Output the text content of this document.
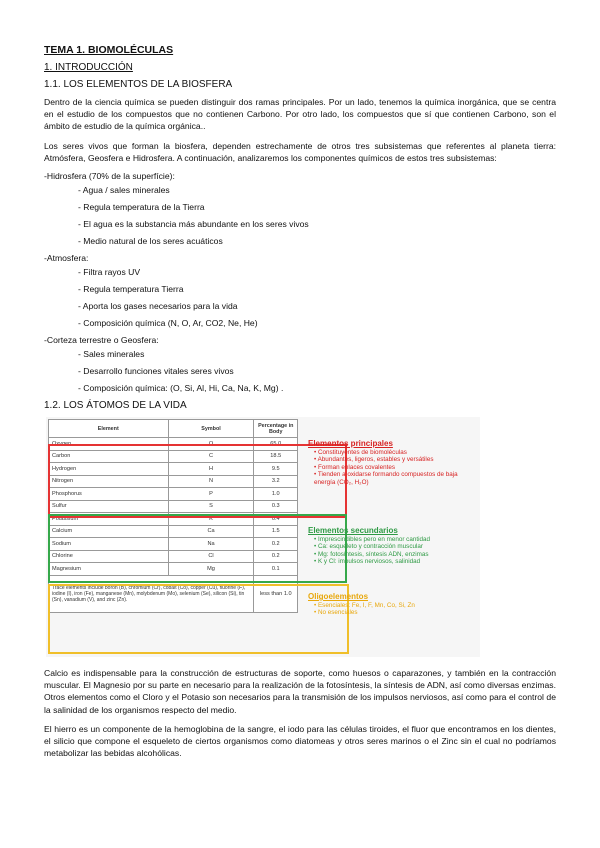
TEMA 1. BIOMOLÉCULAS
1. INTRODUCCIÓN
1.1. LOS ELEMENTOS DE LA BIOSFERA

Dentro de la ciencia química se pueden distinguir dos ramas principales. Por un lado, tenemos la química inorgánica, que se centra en el estudio de los compuestos que no contienen Carbono. Por otro lado, los compuestos que sí que contienen Carbono, son el ámbito de estudio de la química orgánica..

Los seres vivos que forman la biosfera, dependen estrechamente de otros tres subsistemas que referentes al planeta tierra: Atmósfera, Geosfera e Hidrosfera. A continuación, analizaremos los componentes químicos de estos tres subsistemas:

-Hidrosfera (70% de la superfície):
- Agua / sales minerales
- Regula temperatura de la Tierra
- El agua es la substancia más abundante en los seres vivos
- Medio natural de los seres acuáticos
-Atmosfera:
- Filtra rayos UV
- Regula temperatura Tierra
- Aporta los gases necesarios para la vida
- Composición química (N, O, Ar, CO2, Ne, He)
-Corteza terrestre o Geosfera:
- Sales minerales
- Desarrollo funciones vitales seres vivos
- Composición química: (O, Si, Al, Hi, Ca, Na, K, Mg) .
1.2. LOS ÁTOMOS DE LA VIDA
Element	Symbol	Percentage in Body
Oxygen	O	65.0
Carbon	C	18.5
Hydrogen	H	9.5
Nitrogen	N	3.2
Phosphorus	P	1.0
Sulfur	S	0.3
Potassium	K	0.4
Calcium	Ca	1.5
Sodium	Na	0.2
Chlorine	Cl	0.2
Magnesium	Mg	0.1
Trace elements include boron (B), chromium (Cr), cobalt (Co), copper (Cu), fluorine (F), iodine (I), iron (Fe), manganese (Mn), molybdenum (Mo), selenium (Se), silicon (Si), tin (Sn), vanadium (V), and zinc (Zn).		less than 1.0
Elementos principales
• Constituyentes de biomoléculas
• Abundantes, ligeros, estables y versátiles
• Forman enlaces covalentes
• Tienden a oxidarse formando compuestos de baja energía (CO₂, H₂O)
Elementos secundarios
• Imprescindibles pero en menor cantidad
• Ca: esqueleto y contracción muscular
• Mg: fotosíntesis, síntesis ADN, enzimas
• K y Cl: impulsos nerviosos, salinidad
Oligoelementos
• Esenciales: Fe, I, F, Mn, Co, Si, Zn
• No esenciales

Calcio es indispensable para la construcción de estructuras de soporte, como huesos o caparazones, y también en la contracción muscular. El Magnesio por su parte en necesario para la realización de la fotosíntesis, la síntesis de ADN, así como diversas enzimas. Otros elementos como el Cloro y el Potasio son necesarios para la transmisión de los impulsos nerviosos, así como para el control de la salinidad de los organismos respecto del medio.

El hierro es un componente de la hemoglobina de la sangre, el iodo para las células tiroides, el fluor que encontramos en los dientes, el silicio que compone el esqueleto de ciertos organismos como diatomeas y otros seres marinos o el Zinc sin el cual no podríamos metabolizar las bebidas alcohólicas.
